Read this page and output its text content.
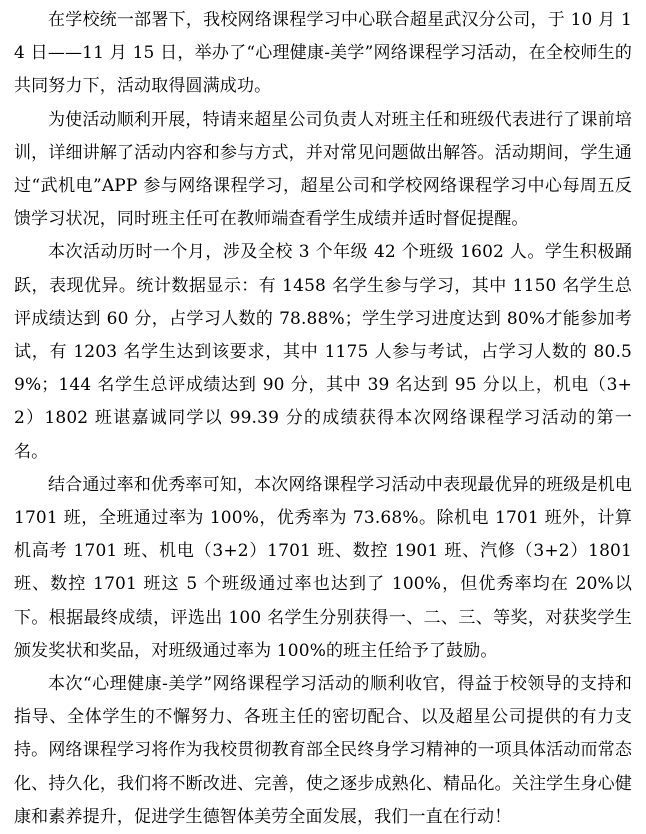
在学校统一部署下，我校网络课程学习中心联合超星武汉分公司，于 10 月 14 日——11 月 15 日，举办了“心理健康-美学”网络课程学习活动，在全校师生的共同努力下，活动取得圆满成功。

为使活动顺利开展，特请来超星公司负责人对班主任和班级代表进行了课前培训，详细讲解了活动内容和参与方式，并对常见问题做出解答。活动期间，学生通过“武机电”APP 参与网络课程学习，超星公司和学校网络课程学习中心每周五反馈学习状况，同时班主任可在教师端查看学生成绩并适时督促提醒。

本次活动历时一个月，涉及全校 3 个年级 42 个班级 1602 人。学生积极踊跃，表现优异。统计数据显示：有 1458 名学生参与学习，其中 1150 名学生总评成绩达到 60 分，占学习人数的 78.88%；学生学习进度达到 80%才能参加考试，有 1203 名学生达到该要求，其中 1175 人参与考试，占学习人数的 80.59%；144 名学生总评成绩达到 90 分，其中 39 名达到 95 分以上，机电（3+2）1802 班谌嘉诚同学以 99.39 分的成绩获得本次网络课程学习活动的第一名。

结合通过率和优秀率可知，本次网络课程学习活动中表现最优异的班级是机电 1701 班，全班通过率为 100%，优秀率为 73.68%。除机电 1701 班外，计算机高考 1701 班、机电（3+2）1701 班、数控 1901 班、汽修（3+2）1801 班、数控 1701 班这 5 个班级通过率也达到了 100%，但优秀率均在 20%以下。根据最终成绩，评选出 100 名学生分别获得一、二、三、等奖，对获奖学生颁发奖状和奖品，对班级通过率为 100%的班主任给予了鼓励。

本次“心理健康-美学”网络课程学习活动的顺利收官，得益于校领导的支持和指导、全体学生的不懈努力、各班主任的密切配合、以及超星公司提供的有力支持。网络课程学习将作为我校贯彻教育部全民终身学习精神的一项具体活动而常态化、持久化，我们将不断改进、完善，使之逐步成熟化、精品化。关注学生身心健康和素养提升，促进学生德智体美劳全面发展，我们一直在行动！
